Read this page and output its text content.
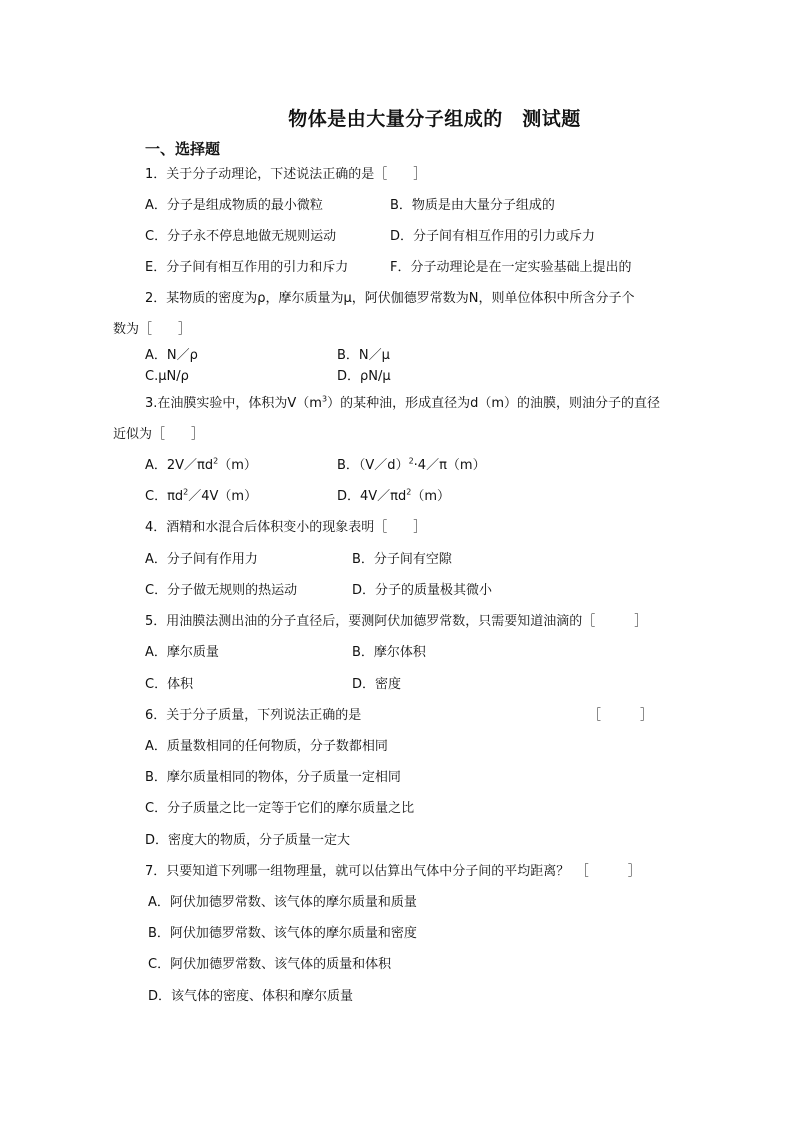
物体是由大量分子组成的　测试题
一、选择题
1．关于分子动理论，下述说法正确的是［　　］
A．分子是组成物质的最小微粒	B．物质是由大量分子组成的
C．分子永不停息地做无规则运动	D．分子间有相互作用的引力或斥力
E．分子间有相互作用的引力和斥力	F．分子动理论是在一定实验基础上提出的
2．某物质的密度为ρ，摩尔质量为μ，阿伏伽德罗常数为N，则单位体积中所含分子个
数为［　　］
A．N／ρ	B．N／μ
C.μN/ρ	D．ρN/μ
3.在油膜实验中，体积为$V(m^3)$的某种油，形成直径为d（m）的油膜，则油分子的直径
近似为［　　］
A．$2V/\pi d^2(m)$	B．（V／d）$^2$·4／π（m）
C．$\pi d^2/4V(m)$	D．$4V/\pi d^2(m)$
4．酒精和水混合后体积变小的现象表明［　　］
A．分子间有作用力	B．分子间有空隙
C．分子做无规则的热运动	D．分子的质量极其微小
5．用油膜法测出油的分子直径后，要测阿伏加德罗常数，只需要知道油滴的［　　　］
A．摩尔质量	B．摩尔体积
C．体积	D．密度
6．关于分子质量，下列说法正确的是	［　　　］
A．质量数相同的任何物质，分子数都相同
B．摩尔质量相同的物体，分子质量一定相同
C．分子质量之比一定等于它们的摩尔质量之比
D．密度大的物质，分子质量一定大
7．只要知道下列哪一组物理量，就可以估算出气体中分子间的平均距离？　［　　　］
A．阿伏加德罗常数、该气体的摩尔质量和质量
B．阿伏加德罗常数、该气体的摩尔质量和密度
C．阿伏加德罗常数、该气体的质量和体积
D．该气体的密度、体积和摩尔质量
